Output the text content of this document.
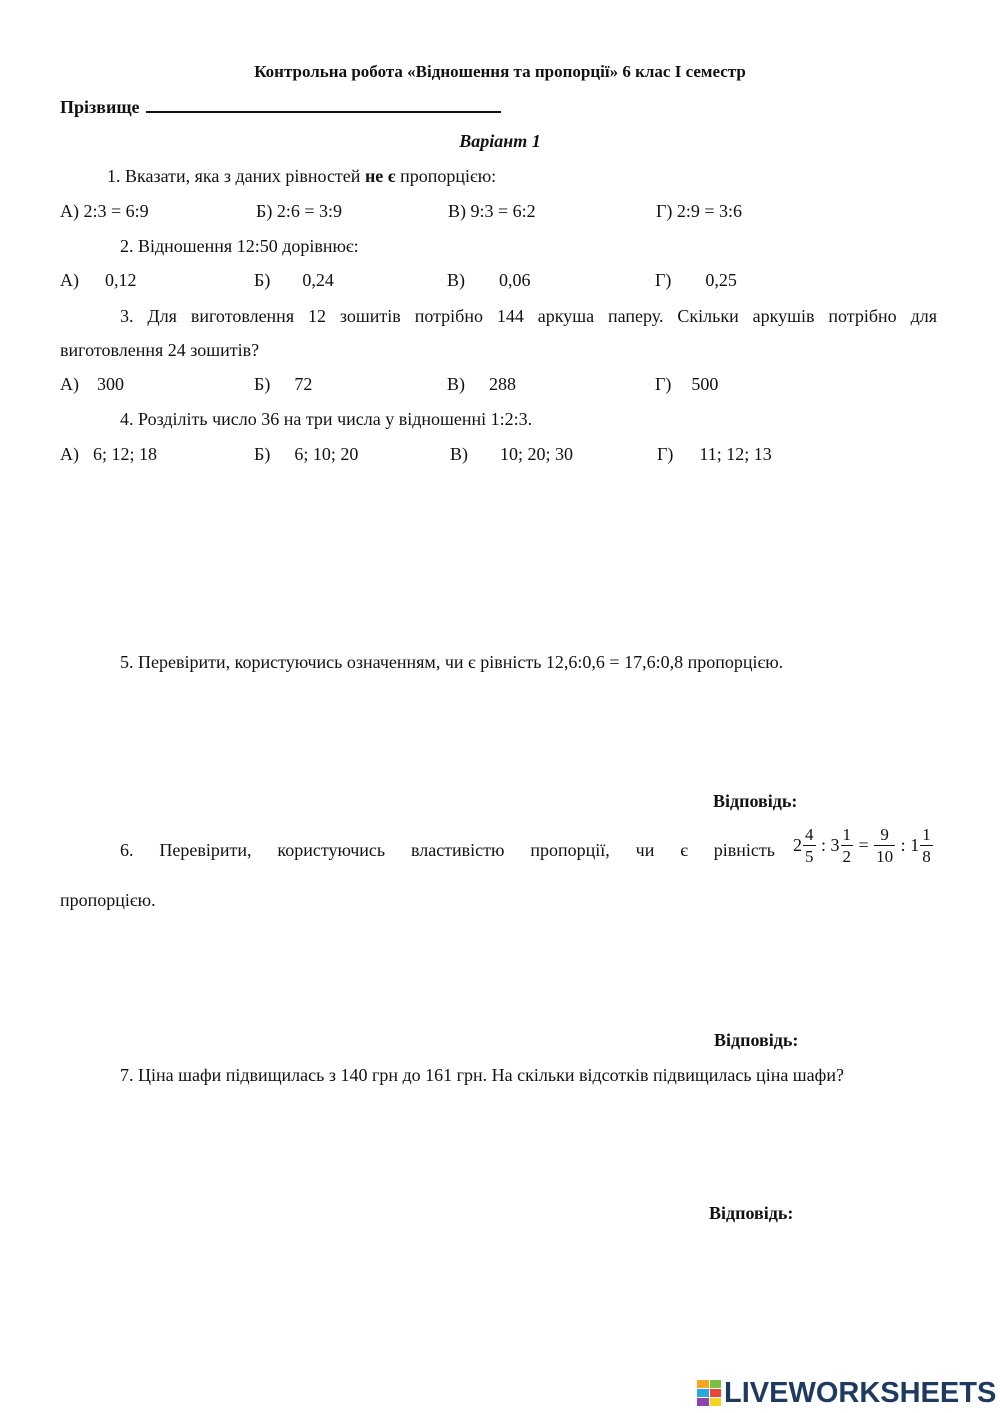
Контрольна робота «Відношення та пропорції» 6 клас І семестр
Прізвище
Варіант 1
1. Вказати, яка з даних рівностей не є пропорцією:
А) 2:3 = 6:9	Б) 2:6 = 3:9	В) 9:3 = 6:2	Г) 2:9 = 3:6
2. Відношення 12:50 дорівнює:
А) 0,12	Б) 0,24	В) 0,06	Г) 0,25
3. Для виготовлення 12 зошитів потрібно 144 аркуша паперу. Скільки аркушів потрібно для
виготовлення 24 зошитів?
А) 300	Б) 72	В) 288	Г) 500
4. Розділіть число 36 на три числа у відношенні 1:2:3.
А) 6; 12; 18	Б) 6; 10; 20	В) 10; 20; 30	Г) 11; 12; 13
5. Перевірити, користуючись означенням, чи є рівність 12,6:0,6 = 17,6:0,8 пропорцією.
Відповідь:
6. Перевірити, користуючись властивістю пропорції, чи є рівність $2 \frac{4}{5}$ : $3 \frac{1}{2} = \frac{9}{10}$ : $1 \frac{1}{8}$
пропорцією.
Відповідь:
7. Ціна шафи підвищилась з 140 грн до 161 грн. На скільки відсотків підвищилась ціна шафи?
Відповідь:
LIVEWORKSHEETS
